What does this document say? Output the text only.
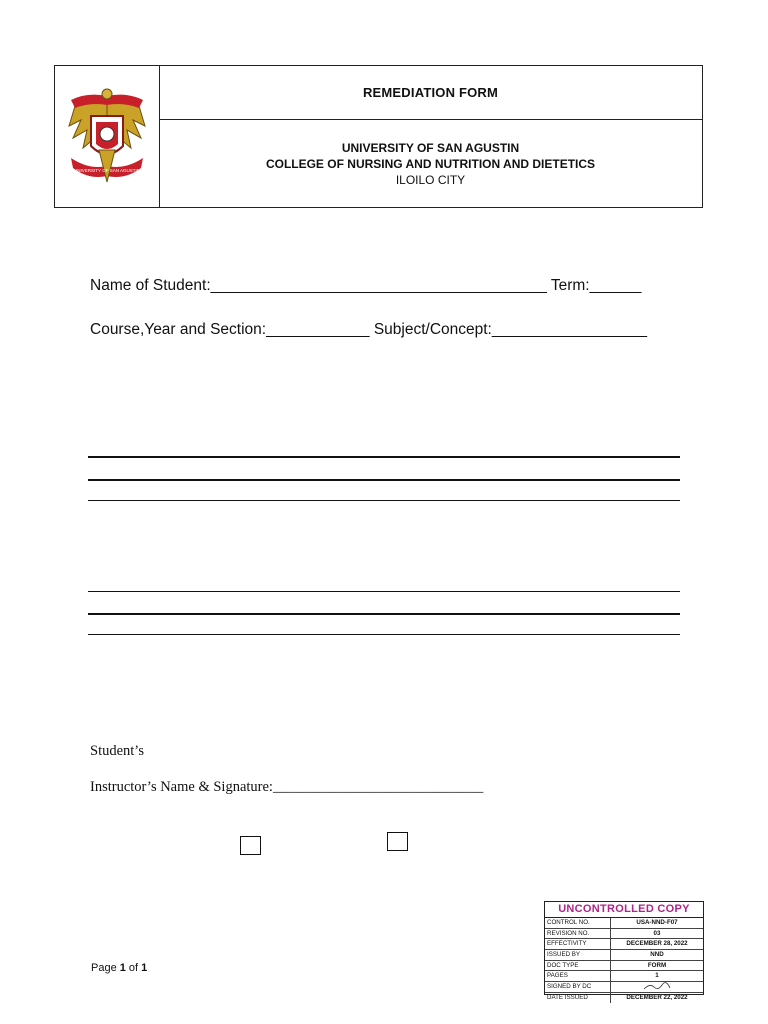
UNIVERSITY OF SAN AGUSTIN
REMEDIATION FORM
UNIVERSITY OF SAN AGUSTIN
COLLEGE OF NURSING AND NUTRITION AND DIETETICS
ILOILO CITY
Name of Student:_______________________________________ Term:______
Course,Year and Section:____________ Subject/Concept:__________________
Student’s
Instructor’s Name & Signature:_____________________________
Page 1 of 1
UNCONTROLLED COPY
CONTROL NO.	USA-NND-F07
REVISION NO.	03
EFFECTIVITY	DECEMBER 28, 2022
ISSUED BY	NND
DOC TYPE	FORM
PAGES	1
SIGNED BY DC
DATE ISSUED	DECEMBER 22, 2022
